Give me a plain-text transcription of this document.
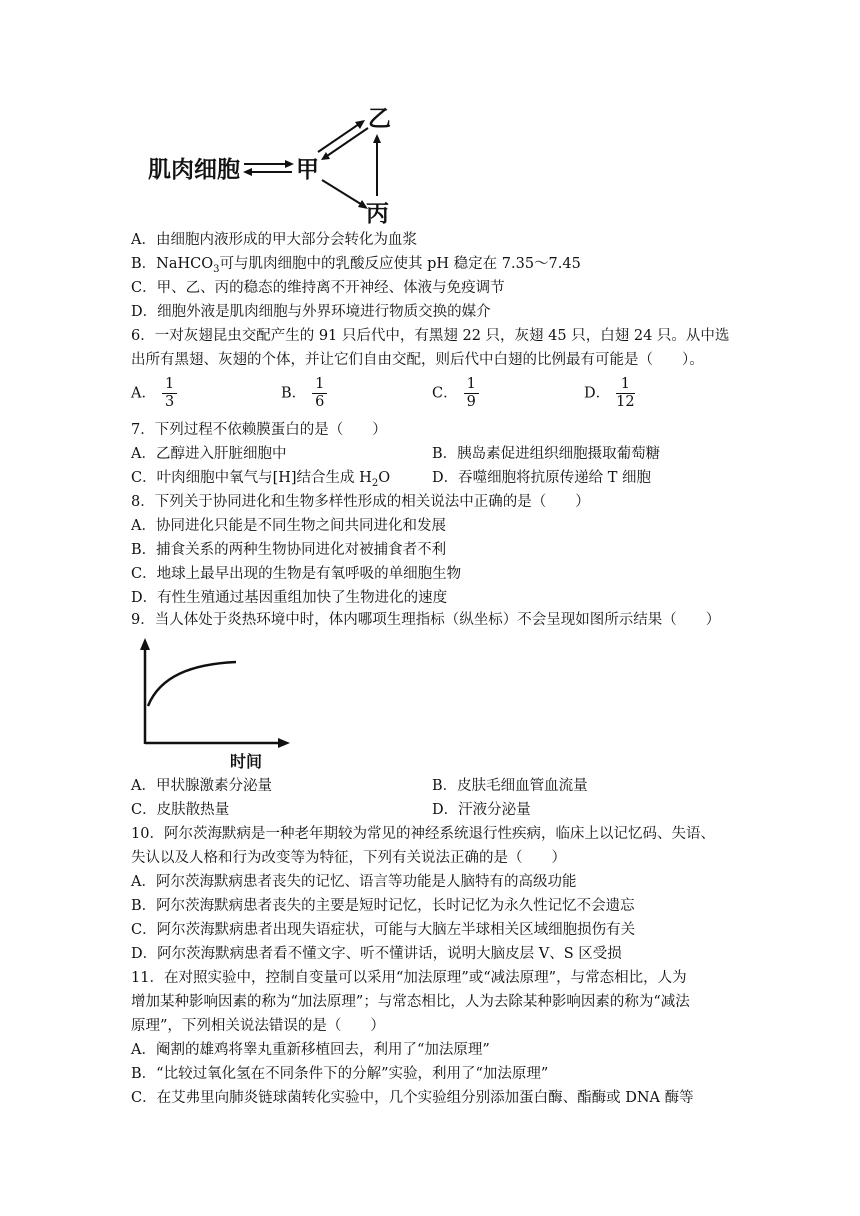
肌肉细胞 甲
乙
丙
A．由细胞内液形成的甲大部分会转化为血浆
B．NaHCO$_3$可与肌肉细胞中的乳酸反应使其 pH 稳定在 7.35～7.45
C．甲、乙、丙的稳态的维持离不开神经、体液与免疫调节
D．细胞外液是肌肉细胞与外界环境进行物质交换的媒介
6．一对灰翅昆虫交配产生的 91 只后代中，有黑翅 22 只，灰翅 45 只，白翅 24 只。从中选
出所有黑翅、灰翅的个体，并让它们自由交配，则后代中白翅的比例最有可能是（　　）。
A． $\frac{1}{3}$	B． $\frac{1}{6}$	C． $\frac{1}{9}$	D． $\frac{1}{12}$
7．下列过程不依赖膜蛋白的是（　　）
A．乙醇进入肝脏细胞中	B．胰岛素促进组织细胞摄取葡萄糖
C．叶肉细胞中氧气与[H]结合生成 $H_2O$	D．吞噬细胞将抗原传递给 T 细胞
8．下列关于协同进化和生物多样性形成的相关说法中正确的是（　　）
A．协同进化只能是不同生物之间共同进化和发展
B．捕食关系的两种生物协同进化对被捕食者不利
C．地球上最早出现的生物是有氧呼吸的单细胞生物
D．有性生殖通过基因重组加快了生物进化的速度
9．当人体处于炎热环境中时，体内哪项生理指标（纵坐标）不会呈现如图所示结果（　　）
时间
A．甲状腺激素分泌量	B．皮肤毛细血管血流量
C．皮肤散热量	D．汗液分泌量
10．阿尔茨海默病是一种老年期较为常见的神经系统退行性疾病，临床上以记忆码、失语、
失认以及人格和行为改变等为特征，下列有关说法正确的是（　　）
A．阿尔茨海默病患者丧失的记忆、语言等功能是人脑特有的高级功能
B．阿尔茨海默病患者丧失的主要是短时记忆，长时记忆为永久性记忆不会遗忘
C．阿尔茨海默病患者出现失语症状，可能与大脑左半球相关区域细胞损伤有关
D．阿尔茨海默病患者看不懂文字、听不懂讲话，说明大脑皮层 V、S 区受损
11．在对照实验中，控制自变量可以采用“加法原理”或“减法原理”，与常态相比，人为
增加某种影响因素的称为“加法原理”；与常态相比，人为去除某种影响因素的称为“减法
原理”，下列相关说法错误的是（　　）
A．阉割的雄鸡将睾丸重新移植回去，利用了“加法原理”
B．“比较过氧化氢在不同条件下的分解”实验，利用了“加法原理”
C．在艾弗里向肺炎链球菌转化实验中，几个实验组分别添加蛋白酶、酯酶或 DNA 酶等
